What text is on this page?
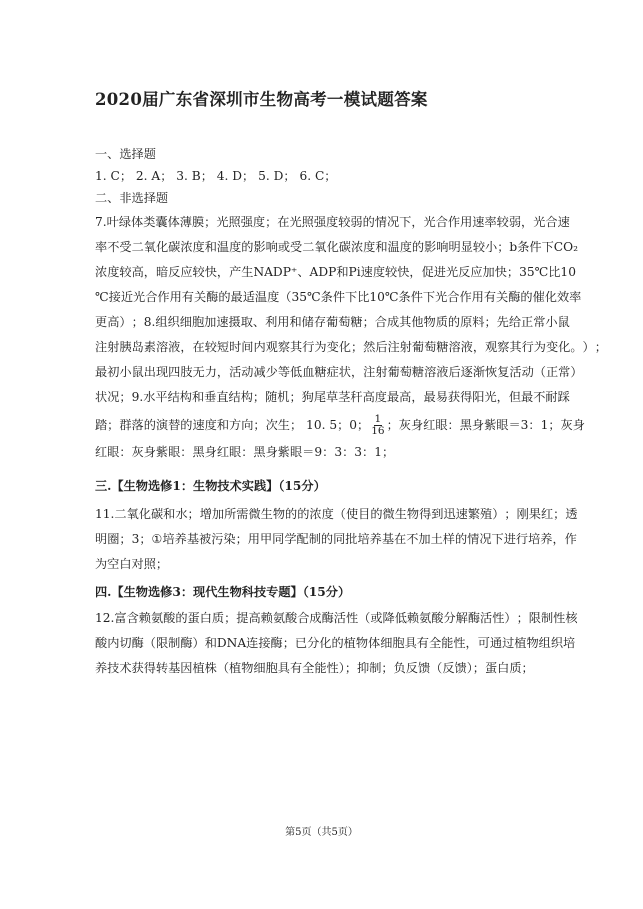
2020届广东省深圳市生物高考一模试题答案
一、选择题
1. C； 2. A； 3. B； 4. D； 5. D； 6. C；
二、非选择题
7 . 叶 绿 体 类 囊 体 薄 膜 ； 光 照 强 度 ； 在 光 照 强 度 较 弱 的 情 况 下 ， 光 合 作 用 速 率 较 弱 ， 光 合 速
率 不 受 二 氧 化 碳 浓 度 和 温 度 的 影 响 或 受 二 氧 化 碳 浓 度 和 温 度 的 影 响 明 显 较 小 ； b 条 件 下 C O ₂
浓 度 较 高 ， 暗 反 应 较 快 ， 产 生 N A D P ⁺ 、 A D P 和 P i 速 度 较 快 ， 促 进 光 反 应 加 快 ； 3 5 ℃ 比 1 0
℃ 接 近 光 合 作 用 有 关 酶 的 最 适 温 度 （ 3 5 ℃ 条 件 下 比 1 0 ℃ 条 件 下 光 合 作 用 有 关 酶 的 催 化 效 率
更 高 ） ； 8 . 组 织 细 胞 加 速 摄 取 、 利 用 和 储 存 葡 萄 糖 ； 合 成 其 他 物 质 的 原 料 ； 先 给 正 常 小 鼠
注 射 胰 岛 素 溶 液 ， 在 较 短 时 间 内 观 察 其 行 为 变 化 ； 然 后 注 射 葡 萄 糖 溶 液 ， 观 察 其 行 为 变 化 。 ） ；
最 初 小 鼠 出 现 四 肢 无 力 ， 活 动 减 少 等 低 血 糖 症 状 ， 注 射 葡 萄 糖 溶 液 后 逐 渐 恢 复 活 动 （ 正 常 ）
状 况 ； 9 . 水 平 结 构 和 垂 直 结 构 ； 随 机 ； 狗 尾 草 茎 秆 高 度 最 高 ， 最 易 获 得 阳 光 ， 但 最 不 耐 踩
踏；群落的演替的速度和方向；次生； 10. 5；0； $\frac{1}{16}$ ；灰身红眼：黑身紫眼＝3：1；灰身
红眼：灰身紫眼：黑身红眼：黑身紫眼＝9：3：3：1；
三.【生物选修1：生物技术实践】（15分）
1 1 . 二 氧 化 碳 和 水 ； 增 加 所 需 微 生 物 的 的 浓 度 （ 使 目 的 微 生 物 得 到 迅 速 繁 殖 ） ； 刚 果 红 ； 透
明 圈 ； 3 ； ① 培 养 基 被 污 染 ； 用 甲 同 学 配 制 的 同 批 培 养 基 在 不 加 土 样 的 情 况 下 进 行 培 养 ， 作
为空白对照；
四.【生物选修3：现代生物科技专题】（15分）
1 2 . 富 含 赖 氨 酸 的 蛋 白 质 ； 提 高 赖 氨 酸 合 成 酶 活 性 （ 或 降 低 赖 氨 酸 分 解 酶 活 性 ） ； 限 制 性 核
酸 内 切 酶 （ 限 制 酶 ） 和 D N A 连 接 酶 ； 已 分 化 的 植 物 体 细 胞 具 有 全 能 性 ， 可 通 过 植 物 组 织 培
养技术获得转基因植株（植物细胞具有全能性）；抑制；负反馈（反馈）；蛋白质；
第5页（共5页）
